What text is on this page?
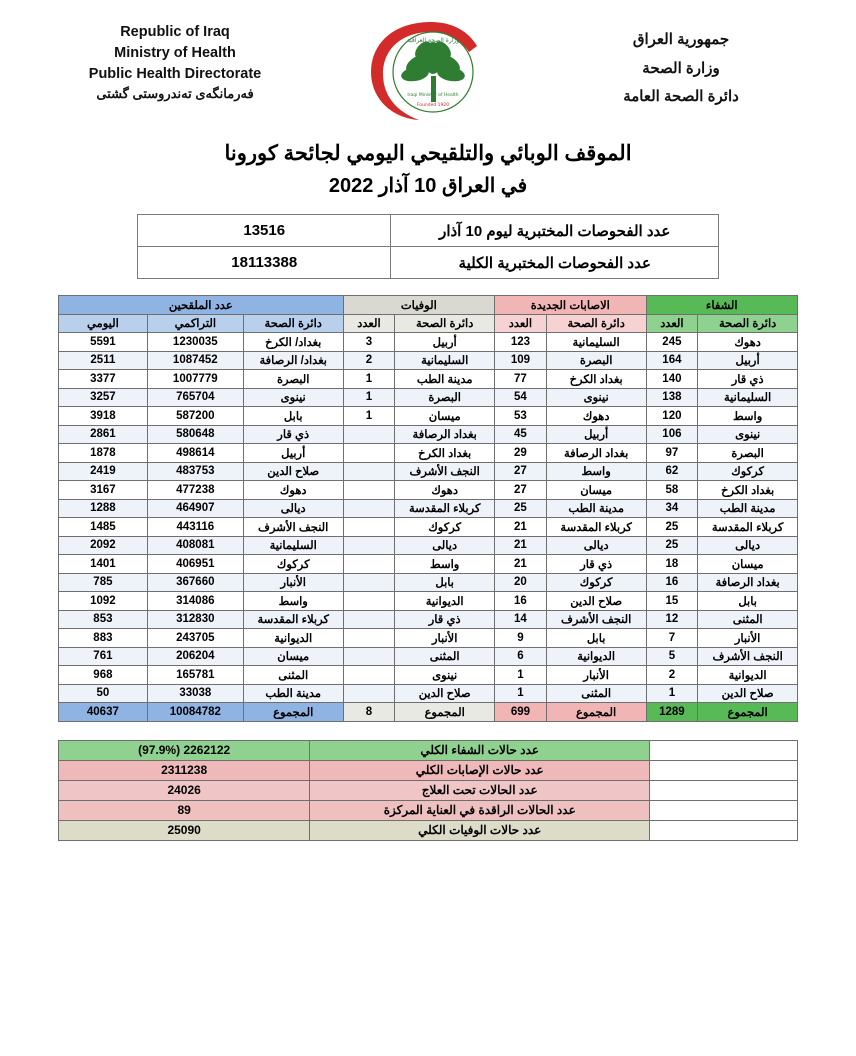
Republic of Iraq
Ministry of Health
Public Health Directorate
فه‌رمانگه‌ی ته‌ندروستی گشتی
وزارة الصحة العراقية
Iraqi Ministry of Health
Founded 1920
جمهورية العراق
وزارة الصحة
دائرة الصحة العامة
الموقف الوبائي والتلقيحي اليومي لجائحة كورونا
في العراق 10 آذار 2022
عدد الفحوصات المختبرية ليوم 10 آذار	13516
عدد الفحوصات المختبرية الكلية	18113388
الشفاء		الاصابات الجديدة		الوفيات		عدد الملقحين		
دائرة الصحة	العدد	دائرة الصحة	العدد	دائرة الصحة	العدد	دائرة الصحة	التراكمي	اليومي
دهوك	245	السليمانية	123	أربيل	3	بغداد/ الكرخ	1230035	5591
أربيل	164	البصرة	109	السليمانية	2	بغداد/ الرصافة	1087452	2511
ذي قار	140	بغداد الكرخ	77	مدينة الطب	1	البصرة	1007779	3377
السليمانية	138	نينوى	54	البصرة	1	نينوى	765704	3257
واسط	120	دهوك	53	ميسان	1	بابل	587200	3918
نينوى	106	أربيل	45	بغداد الرصافة		ذي قار	580648	2861
البصرة	97	بغداد الرصافة	29	بغداد الكرخ		أربيل	498614	1878
كركوك	62	واسط	27	النجف الأشرف		صلاح الدين	483753	2419
بغداد الكرخ	58	ميسان	27	دهوك		دهوك	477238	3167
مدينة الطب	34	مدينة الطب	25	كربلاء المقدسة		ديالى	464907	1288
كربلاء المقدسة	25	كربلاء المقدسة	21	كركوك		النجف الأشرف	443116	1485
ديالى	25	ديالى	21	ديالى		السليمانية	408081	2092
ميسان	18	ذي قار	21	واسط		كركوك	406951	1401
بغداد الرصافة	16	كركوك	20	بابل		الأنبار	367660	785
بابل	15	صلاح الدين	16	الديوانية		واسط	314086	1092
المثنى	12	النجف الأشرف	14	ذي قار		كربلاء المقدسة	312830	853
الأنبار	7	بابل	9	الأنبار		الديوانية	243705	883
النجف الأشرف	5	الديوانية	6	المثنى		ميسان	206204	761
الديوانية	2	الأنبار	1	نينوى		المثنى	165781	968
صلاح الدين	1	المثنى	1	صلاح الدين		مدينة الطب	33038	50
المجموع	1289	المجموع	699	المجموع	8	المجموع	10084782	40637
	عدد حالات الشفاء الكلي	2262122 (97.9%)
	عدد حالات الإصابات الكلي	2311238
	عدد الحالات تحت العلاج	24026
	عدد الحالات الراقدة في العناية المركزة	89
	عدد حالات الوفيات الكلي	25090
